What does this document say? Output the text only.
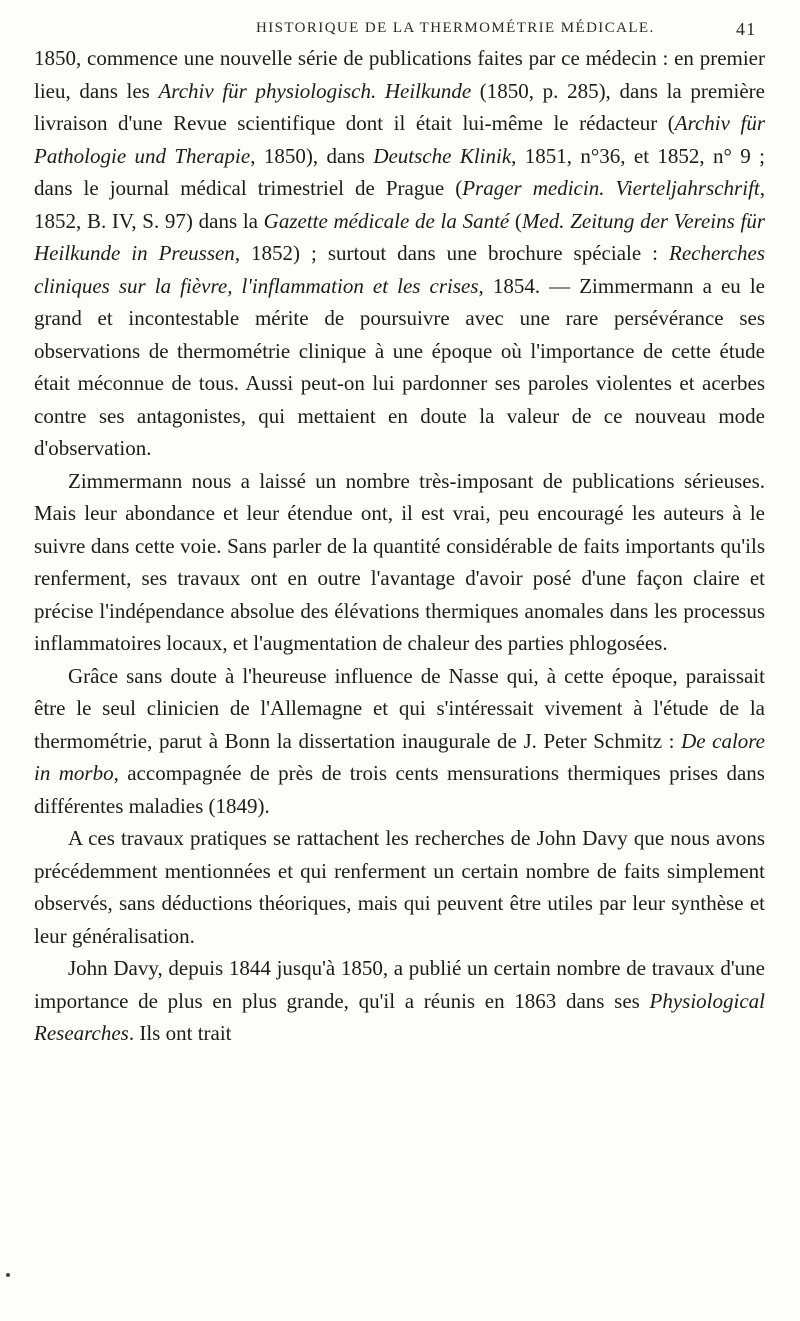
HISTORIQUE DE LA THERMOMÉTRIE MÉDICALE.	41

1850, commence une nouvelle série de publications faites par ce médecin : en premier lieu, dans les Archiv für physiologisch. Heilkunde (1850, p. 285), dans la première livraison d'une Revue scientifique dont il était lui-même le rédacteur (Archiv für Pathologie und Therapie, 1850), dans Deutsche Klinik, 1851, n°36, et 1852, n° 9 ; dans le journal médical trimestriel de Prague (Prager medicin. Vierteljahrschrift, 1852, B. IV, S. 97) dans la Gazette médicale de la Santé (Med. Zeitung der Vereins für Heilkunde in Preussen, 1852) ; surtout dans une brochure spéciale : Recherches cliniques sur la fièvre, l'inflammation et les crises, 1854. — Zimmermann a eu le grand et incontestable mérite de poursuivre avec une rare persévérance ses observations de thermométrie clinique à une époque où l'importance de cette étude était méconnue de tous. Aussi peut-on lui pardonner ses paroles violentes et acerbes contre ses antagonistes, qui mettaient en doute la valeur de ce nouveau mode d'observation.

Zimmermann nous a laissé un nombre très-imposant de publications sérieuses. Mais leur abondance et leur étendue ont, il est vrai, peu encouragé les auteurs à le suivre dans cette voie. Sans parler de la quantité considérable de faits importants qu'ils renferment, ses travaux ont en outre l'avantage d'avoir posé d'une façon claire et précise l'indépendance absolue des élévations thermiques anomales dans les processus inflammatoires locaux, et l'augmentation de chaleur des parties phlogosées.

Grâce sans doute à l'heureuse influence de Nasse qui, à cette époque, paraissait être le seul clinicien de l'Allemagne et qui s'intéressait vivement à l'étude de la thermométrie, parut à Bonn la dissertation inaugurale de J. Peter Schmitz : De calore in morbo, accompagnée de près de trois cents mensurations thermiques prises dans différentes maladies (1849).

A ces travaux pratiques se rattachent les recherches de John Davy que nous avons précédemment mentionnées et qui renferment un certain nombre de faits simplement observés, sans déductions théoriques, mais qui peuvent être utiles par leur synthèse et leur généralisation.

John Davy, depuis 1844 jusqu'à 1850, a publié un certain nombre de travaux d'une importance de plus en plus grande, qu'il a réunis en 1863 dans ses Physiological Researches. Ils ont trait
